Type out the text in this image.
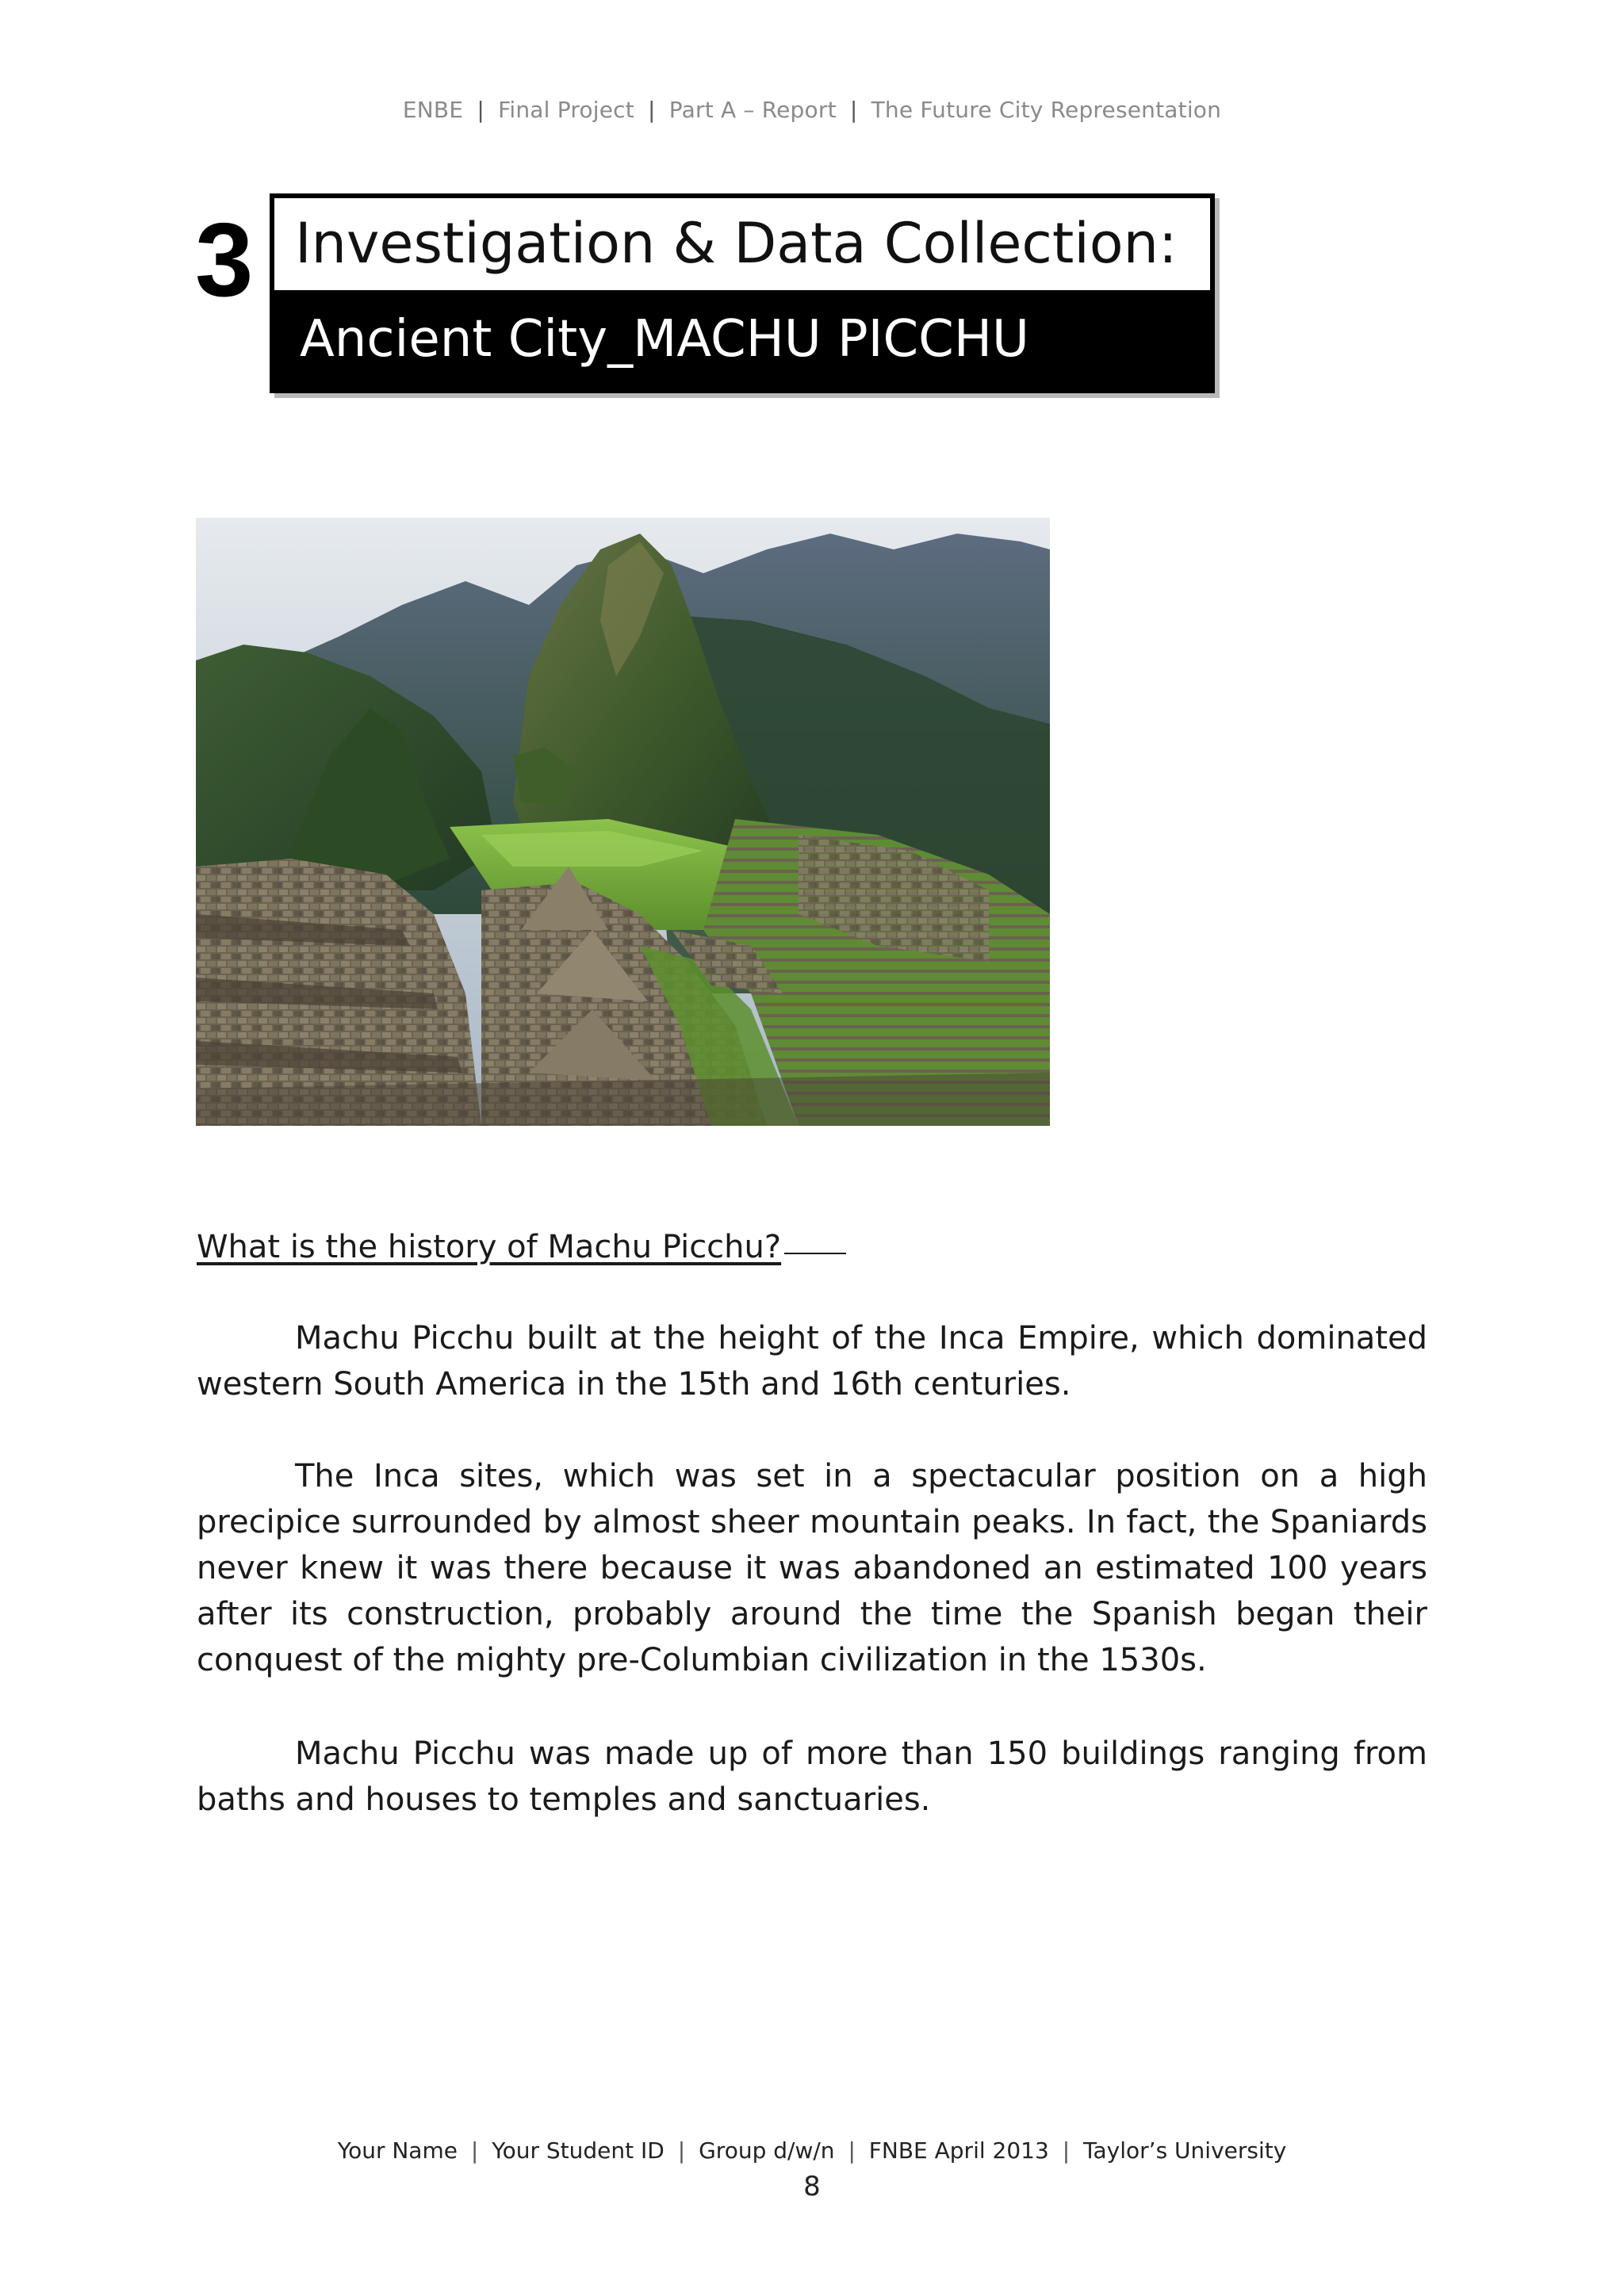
ENBE | Final Project | Part A – Report | The Future City Representation
3 Investigation & Data Collection:
Ancient City_MACHU PICCHU
What is the history of Machu Picchu?

Machu Picchu built at the height of the Inca Empire, which dominated western South America in the 15th and 16th centuries.

The Inca sites, which was set in a spectacular position on a high precipice surrounded by almost sheer mountain peaks. In fact, the Spaniards never knew it was there because it was abandoned an estimated 100 years after its construction, probably around the time the Spanish began their conquest of the mighty pre-Columbian civilization in the 1530s.

Machu Picchu was made up of more than 150 buildings ranging from baths and houses to temples and sanctuaries.

Your Name | Your Student ID | Group d/w/n | FNBE April 2013 | Taylor’s University
8
